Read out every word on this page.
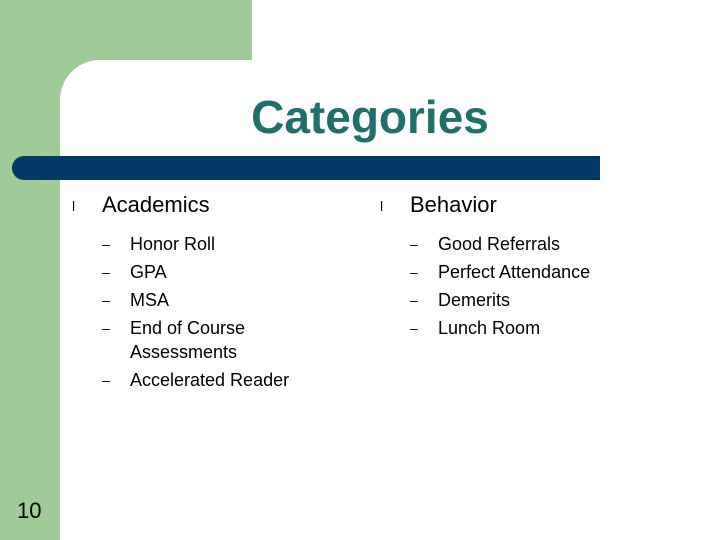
Categories
l	Academics
–	Honor Roll
–	GPA
–	MSA
–	End of Course Assessments
–	Accelerated Reader
l	Behavior
–	Good Referrals
–	Perfect Attendance
–	Demerits
–	Lunch Room
10
